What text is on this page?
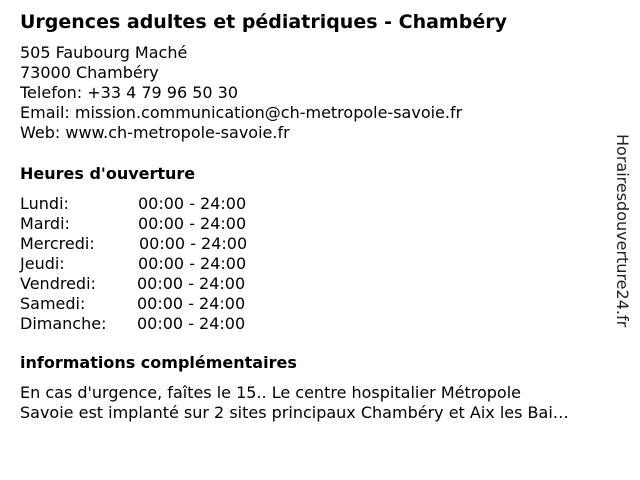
Urgences adultes et pédiatriques - Chambéry
505 Faubourg Maché
73000 Chambéry
Telefon: +33 4 79 96 50 30
Email: mission.communication@ch-metropole-savoie.fr
Web: www.ch-metropole-savoie.fr
Heures d'ouverture
Lundi:	00:00 - 24:00
Mardi:	00:00 - 24:00
Mercredi:	00:00 - 24:00
Jeudi:	00:00 - 24:00
Vendredi:	00:00 - 24:00
Samedi:	00:00 - 24:00
Dimanche: 00:00 - 24:00
informations complémentaires
En cas d'urgence, faîtes le 15.. Le centre hospitalier Métropole
Savoie est implanté sur 2 sites principaux Chambéry et Aix les Bai…
Horairesdouverture24.fr
